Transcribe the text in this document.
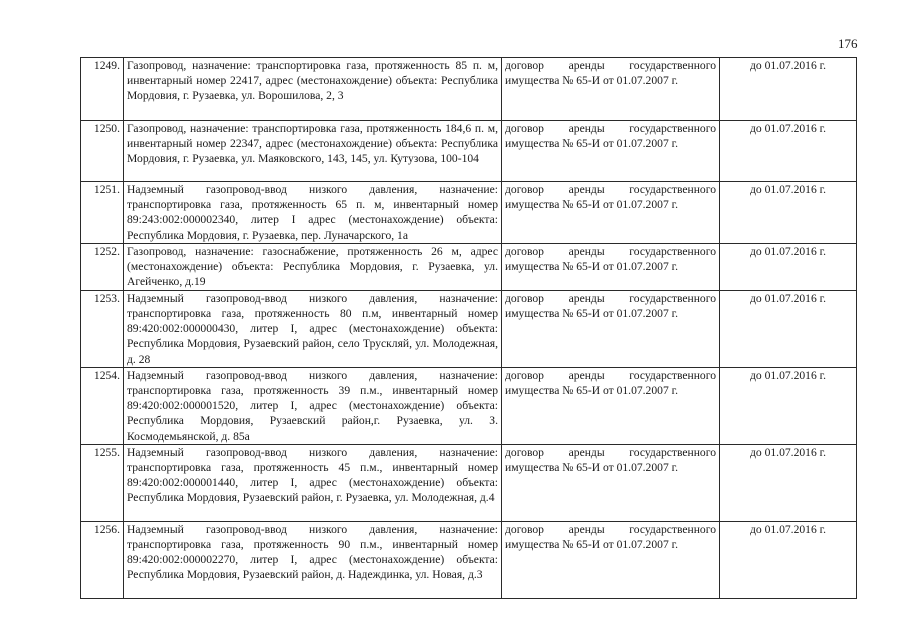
176
1249.	Газопровод, назначение: транспортировка газа, протяженность 85 п. м, инвентарный номер 22417, адрес (местонахождение) объекта: Республика Мордовия, г. Рузаевка, ул. Ворошилова, 2, 3	договор аренды государственного имущества № 65-И от 01.07.2007 г.	до 01.07.2016 г.
1250.	Газопровод, назначение: транспортировка газа, протяженность 184,6 п. м, инвентарный номер 22347, адрес (местонахождение) объекта: Республика Мордовия, г. Рузаевка, ул. Маяковского, 143, 145, ул. Кутузова, 100-104	договор аренды государственного имущества № 65-И от 01.07.2007 г.	до 01.07.2016 г.
1251.	Надземный газопровод-ввод низкого давления, назначение: транспортировка газа, протяженность 65 п. м, инвентарный номер 89:243:002:000002340, литер I адрес (местонахождение) объекта: Республика Мордовия, г. Рузаевка, пер. Луначарского, 1а	договор аренды государственного имущества № 65-И от 01.07.2007 г.	до 01.07.2016 г.
1252.	Газопровод, назначение: газоснабжение, протяженность 26 м, адрес (местонахождение) объекта: Республика Мордовия, г. Рузаевка, ул. Агейченко, д.19	договор аренды государственного имущества № 65-И от 01.07.2007 г.	до 01.07.2016 г.
1253.	Надземный газопровод-ввод низкого давления, назначение: транспортировка газа, протяженность 80 п.м, инвентарный номер 89:420:002:000000430, литер I, адрес (местонахождение) объекта: Республика Мордовия, Рузаевский район, село Трускляй, ул. Молодежная, д. 28	договор аренды государственного имущества № 65-И от 01.07.2007 г.	до 01.07.2016 г.
1254.	Надземный газопровод-ввод низкого давления, назначение: транспортировка газа, протяженность 39 п.м., инвентарный номер 89:420:002:000001520, литер I, адрес (местонахождение) объекта: Республика Мордовия, Рузаевский район,г. Рузаевка, ул. З. Космодемьянской, д. 85а	договор аренды государственного имущества № 65-И от 01.07.2007 г.	до 01.07.2016 г.
1255.	Надземный газопровод-ввод низкого давления, назначение: транспортировка газа, протяженность 45 п.м., инвентарный номер 89:420:002:000001440, литер I, адрес (местонахождение) объекта: Республика Мордовия, Рузаевский район, г. Рузаевка, ул. Молодежная, д.4	договор аренды государственного имущества № 65-И от 01.07.2007 г.	до 01.07.2016 г.
1256.	Надземный газопровод-ввод низкого давления, назначение: транспортировка газа, протяженность 90 п.м., инвентарный номер 89:420:002:000002270, литер I, адрес (местонахождение) объекта: Республика Мордовия, Рузаевский район, д. Надеждинка, ул. Новая, д.3	договор аренды государственного имущества № 65-И от 01.07.2007 г.	до 01.07.2016 г.
